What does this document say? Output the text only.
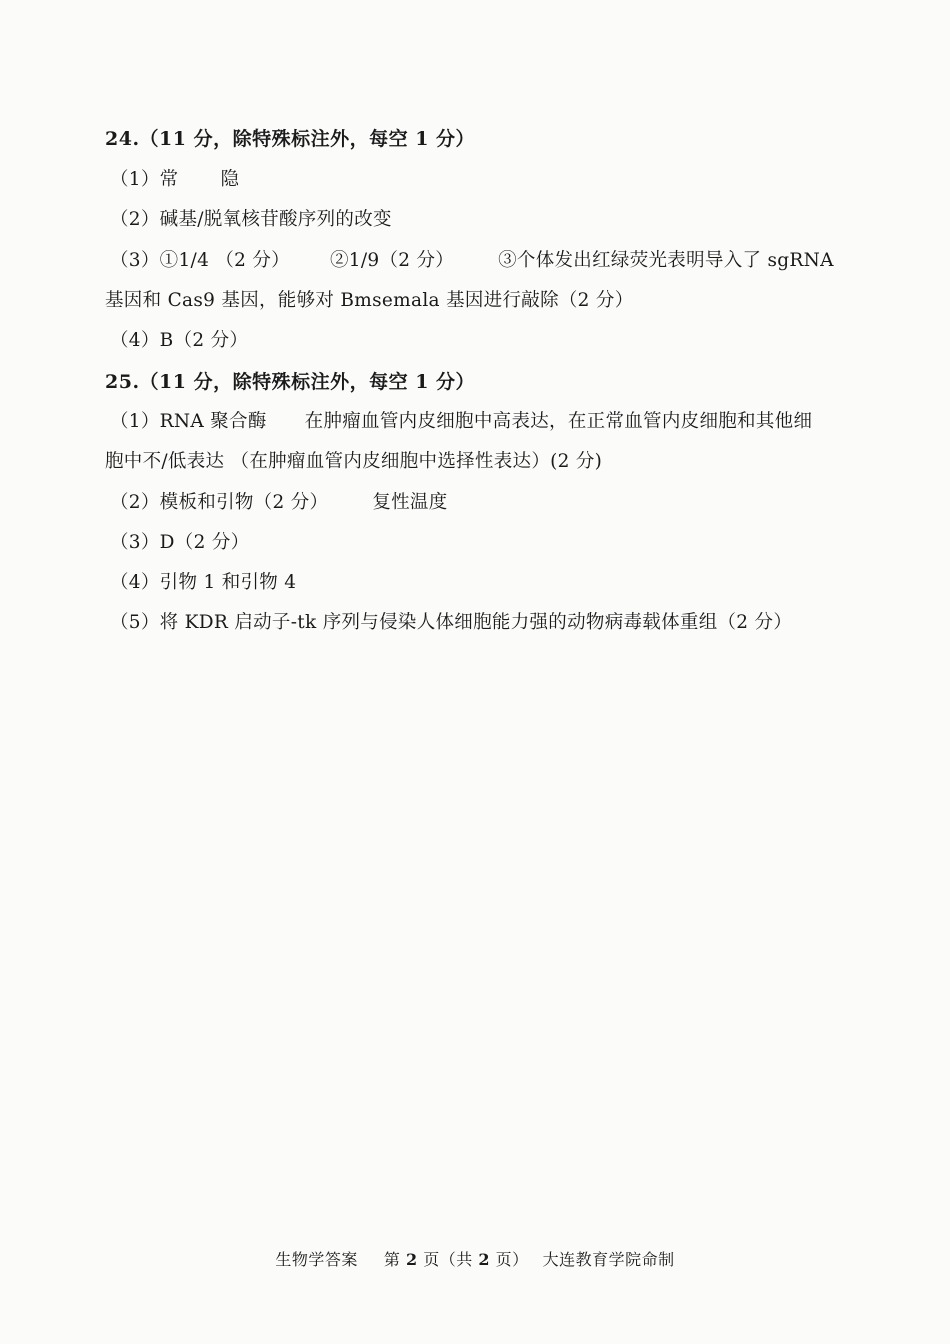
24.（11 分，除特殊标注外，每空 1 分）
（1）常 隐
（2）碱基/脱氧核苷酸序列的改变
（3）①1/4 （2 分） ②1/9（2 分） ③个体发出红绿荧光表明导入了 sgRNA
基因和 Cas9 基因，能够对 Bmsemala 基因进行敲除（2 分）
（4）B（2 分）
25.（11 分，除特殊标注外，每空 1 分）
（1）RNA 聚合酶 在肿瘤血管内皮细胞中高表达，在正常血管内皮细胞和其他细
胞中不/低表达 （在肿瘤血管内皮细胞中选择性表达）(2 分)
（2）模板和引物（2 分） 复性温度
（3）D（2 分）
（4）引物 1 和引物 4
（5）将 KDR 启动子-tk 序列与侵染人体细胞能力强的动物病毒载体重组（2 分）
生物学答案 第 2 页（共 2 页） 大连教育学院命制
